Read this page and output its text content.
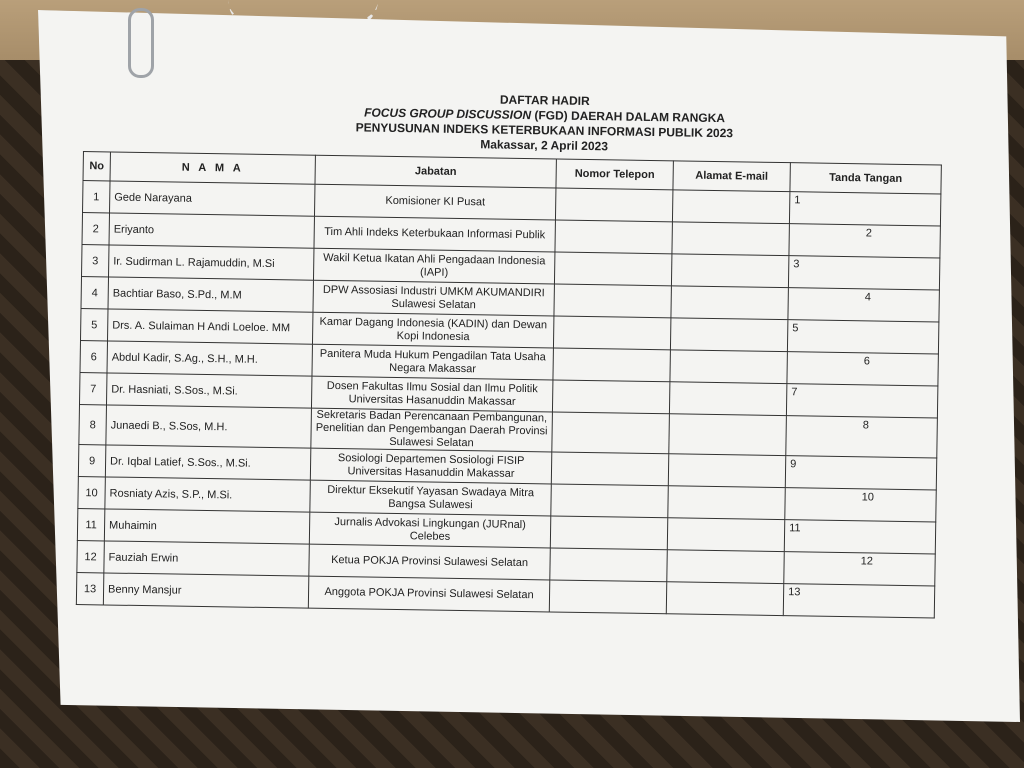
DAFTAR HADIR
FOCUS GROUP DISCUSSION (FGD) DAERAH DALAM RANGKA
PENYUSUNAN INDEKS KETERBUKAAN INFORMASI PUBLIK 2023
Makassar, 2 April 2023
No	N A M A	Jabatan	Nomor Telepon	Alamat E-mail	Tanda Tangan
1	Gede Narayana	Komisioner KI Pusat			1

2	Eriyanto	Tim Ahli Indeks Keterbukaan Informasi Publik			2

3	Ir. Sudirman L. Rajamuddin, M.Si	Wakil Ketua Ikatan Ahli Pengadaan Indonesia (IAPI)			3

4	Bachtiar Baso, S.Pd., M.M	DPW Assosiasi Industri UMKM AKUMANDIRI Sulawesi Selatan			4

5	Drs. A. Sulaiman H Andi Loeloe. MM	Kamar Dagang Indonesia (KADIN) dan Dewan Kopi Indonesia			5

6	Abdul Kadir, S.Ag., S.H., M.H.	Panitera Muda Hukum Pengadilan Tata Usaha Negara Makassar			6

7	Dr. Hasniati, S.Sos., M.Si.	Dosen Fakultas Ilmu Sosial dan Ilmu Politik Universitas Hasanuddin Makassar			7

8	Junaedi B., S.Sos, M.H.	Sekretaris Badan Perencanaan Pembangunan, Penelitian dan Pengembangan Daerah Provinsi Sulawesi Selatan			8

9	Dr. Iqbal Latief, S.Sos., M.Si.	Sosiologi Departemen Sosiologi FISIP Universitas Hasanuddin Makassar			9

10	Rosniaty Azis, S.P., M.Si.	Direktur Eksekutif Yayasan Swadaya Mitra Bangsa Sulawesi			10

11	Muhaimin	Jurnalis Advokasi Lingkungan (JURnal) Celebes			11

12	Fauziah Erwin	Ketua POKJA Provinsi Sulawesi Selatan			12

13	Benny Mansjur	Anggota POKJA Provinsi Sulawesi Selatan			13
